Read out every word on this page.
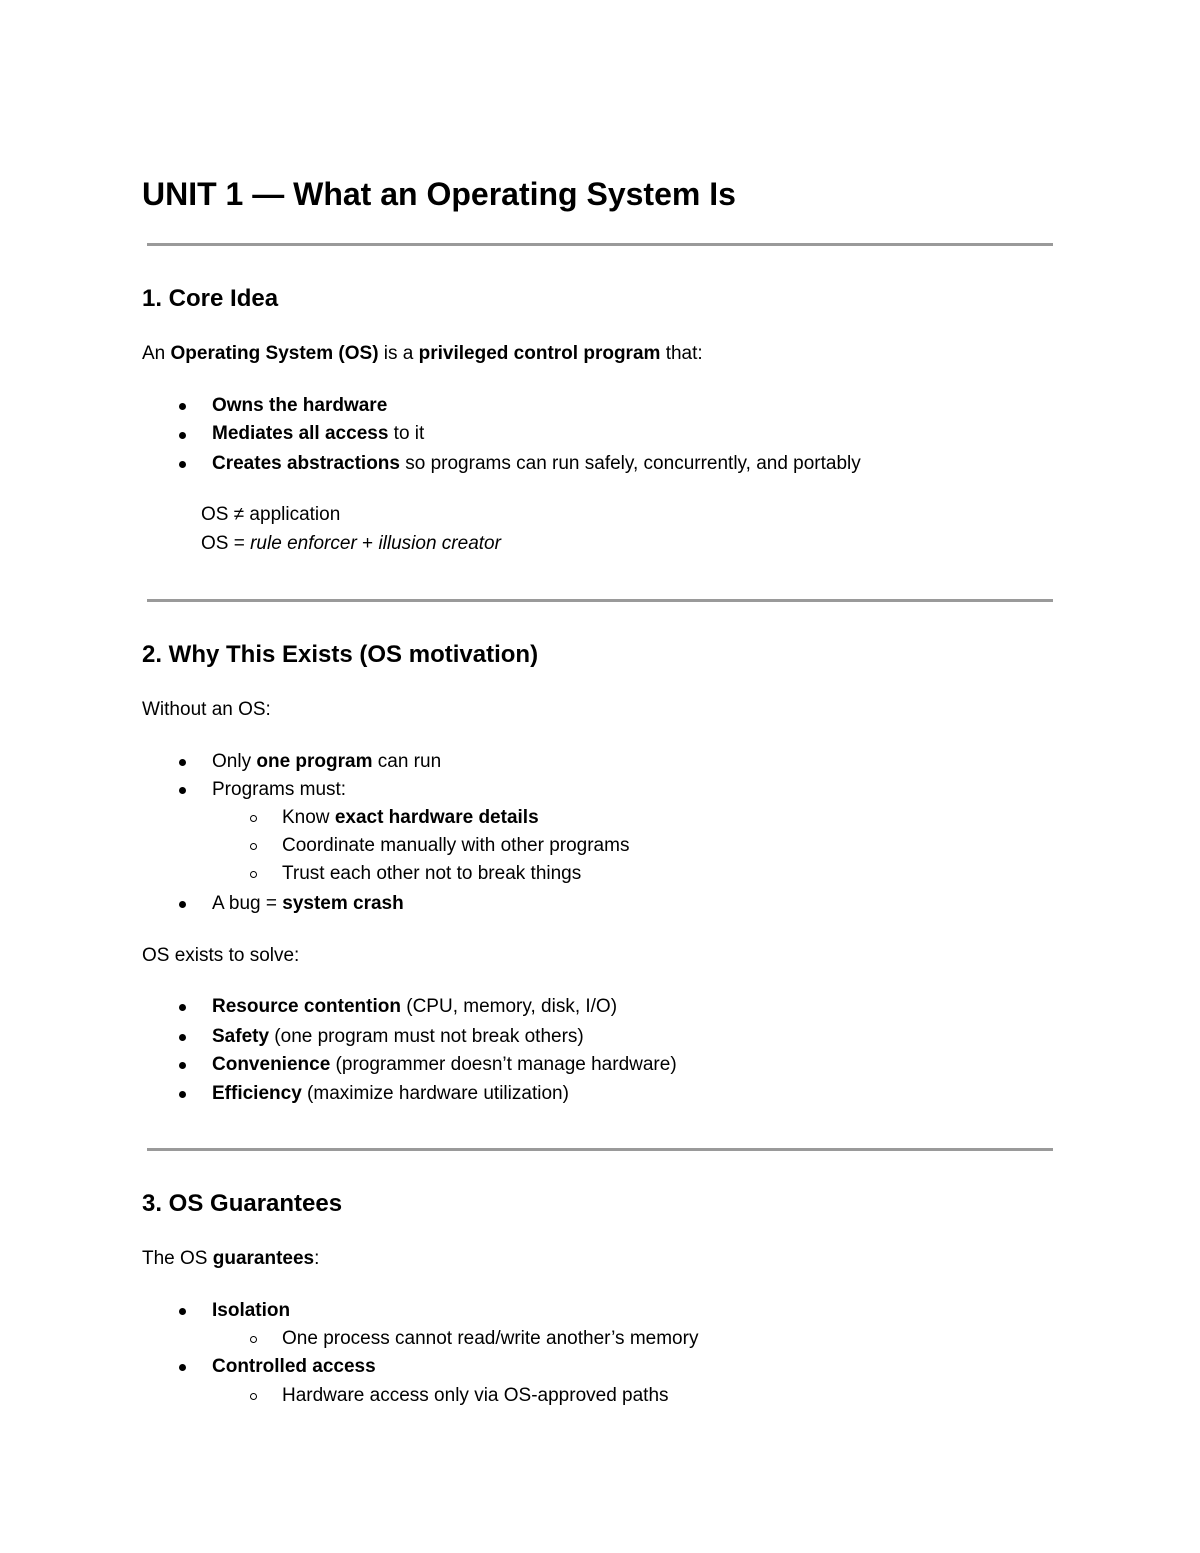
UNIT 1 — What an Operating System Is
1. Core Idea
An Operating System (OS) is a privileged control program that:
Owns the hardware
Mediates all access to it
Creates abstractions so programs can run safely, concurrently, and portably
OS ≠ application
OS = rule enforcer + illusion creator
2. Why This Exists (OS motivation)
Without an OS:
Only one program can run
Programs must:
Know exact hardware details
Coordinate manually with other programs
Trust each other not to break things
A bug = system crash
OS exists to solve:
Resource contention (CPU, memory, disk, I/O)
Safety (one program must not break others)
Convenience (programmer doesn’t manage hardware)
Efficiency (maximize hardware utilization)
3. OS Guarantees
The OS guarantees:
Isolation
One process cannot read/write another’s memory
Controlled access
Hardware access only via OS-approved paths
